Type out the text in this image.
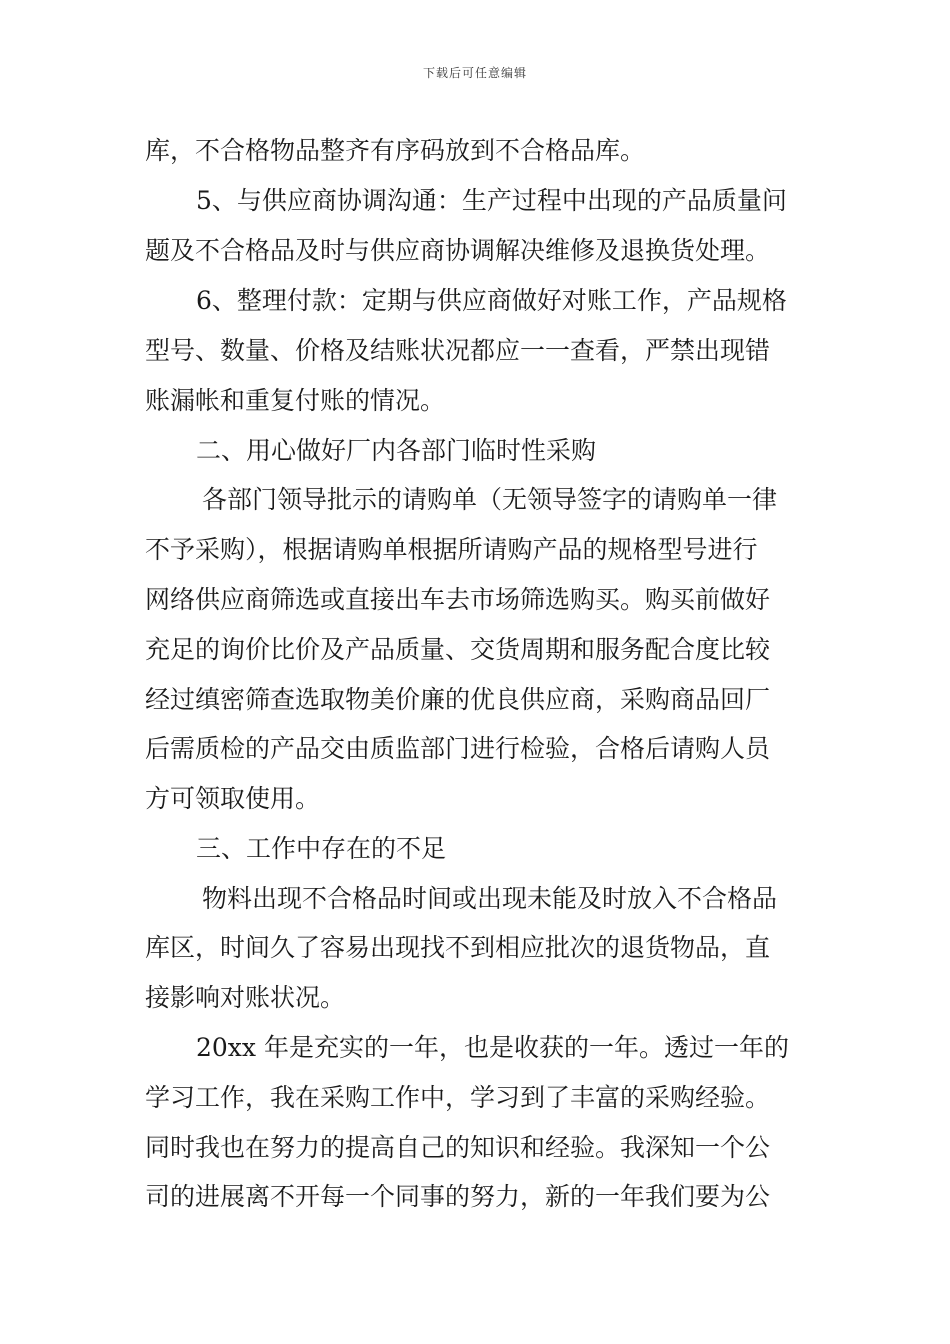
下载后可任意编辑
库，不合格物品整齐有序码放到不合格品库。
5、与供应商协调沟通：生产过程中出现的产品质量问
题及不合格品及时与供应商协调解决维修及退换货处理。
6、整理付款：定期与供应商做好对账工作，产品规格
型号、数量、价格及结账状况都应一一查看，严禁出现错
账漏帐和重复付账的情况。
二、用心做好厂内各部门临时性采购
各部门领导批示的请购单（无领导签字的请购单一律
不予采购），根据请购单根据所请购产品的规格型号进行
网络供应商筛选或直接出车去市场筛选购买。购买前做好
充足的询价比价及产品质量、交货周期和服务配合度比较
经过缜密筛查选取物美价廉的优良供应商，采购商品回厂
后需质检的产品交由质监部门进行检验，合格后请购人员
方可领取使用。
三、工作中存在的不足
物料出现不合格品时间或出现未能及时放入不合格品
库区，时间久了容易出现找不到相应批次的退货物品，直
接影响对账状况。
20xx 年是充实的一年，也是收获的一年。透过一年的
学习工作，我在采购工作中，学习到了丰富的采购经验。
同时我也在努力的提高自己的知识和经验。我深知一个公
司的进展离不开每一个同事的努力，新的一年我们要为公
